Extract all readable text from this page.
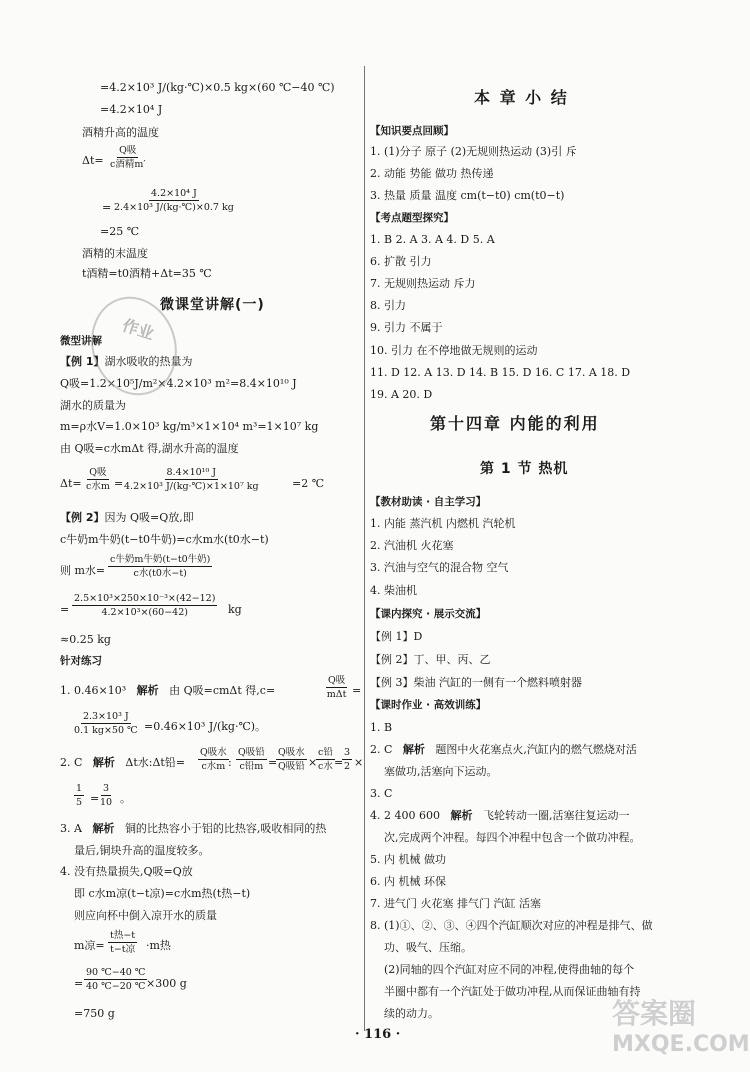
=4.2×10³ J/(kg·℃)×0.5 kg×(60 ℃−40 ℃)
=4.2×10⁴ J
酒精升高的温度
Δt=
Q吸
c酒精m′
= $\frac{\text{4.2×10⁴ J}}{\text{2.4×10³ J/(kg·℃)×0.7 kg}}$
=25 ℃
酒精的末温度
t酒精=t0酒精+Δt=35 ℃
微课堂讲解(一)
微型讲解
【例 1】湖水吸收的热量为
Q吸=1.2×10⁵J/m²×4.2×10³ m²=8.4×10¹⁰ J
湖水的质量为
m=ρ水V=1.0×10³ kg/m³×1×10⁴ m³=1×10⁷ kg
由 Q吸=c水mΔt 得,湖水升高的温度
Δt=
Q吸
c水$m = \frac{\text{8.4×10¹⁰ J}}{\text{4.2×10³ J/(kg·℃)×1×10⁷ kg}}$	=2 ℃
【例 2】因为 Q吸=Q放,即
c牛奶m牛奶(t−t0牛奶)=c水m水(t0水−t)
则 m水=
c牛奶m牛奶(t−t0牛奶)
c水(t0水−t)
= $\frac{\text{2.5×10³×250×10⁻³×(42−12)}}{\text{4.2×10³×(60−42)}}$ kg
≈0.25 kg
针对练习
1. 0.46×10³ 解析 由 Q吸=cmΔt 得,c=
Q吸
mΔt =
$\frac{\text{2.3×10³ J}}{0.1 kg\times 50 ℃} =0.46\times 10^3$ J/(kg·℃)。
2. C 解析 Δt水:Δt铅=
Q吸水
c水m :
Q吸铅
c铅m =
Q吸水
Q吸铅 ×
c铅
c水 =
$\frac{3}{2}$ ×
$\frac{1}{5} = \frac{3}{10}$ 。
3. A 解析 铜的比热容小于铝的比热容,吸收相同的热
量后,铜块升高的温度较多。
4. 没有热量损失,Q吸=Q放
即 c水m凉(t−t凉)=c水m热(t热−t)
则应向杯中倒入凉开水的质量
m凉=
t热−t
t−t凉 ·m热
= $\frac{90 ℃-40 ℃}{40 ℃-20 ℃}$
×300 g
=750 g
本 章 小 结
【知识要点回顾】
1. (1)分子 原子 (2)无规则热运动 (3)引 斥
2. 动能 势能 做功 热传递
3. 热量 质量 温度 cm(t−t0) cm(t0−t)
【考点题型探究】
1. B 2. A 3. A 4. D 5. A
6. 扩散 引力
7. 无规则热运动 斥力
8. 引力
9. 引力 不属于
10. 引力 在不停地做无规则的运动
11. D 12. A 13. D 14. B 15. D 16. C 17. A 18. D
19. A 20. D
第十四章 内能的利用
第 1 节 热机
【教材助读 · 自主学习】
1. 内能 蒸汽机 内燃机 汽轮机
2. 汽油机 火花塞
3. 汽油与空气的混合物 空气
4. 柴油机
【课内探究 · 展示交流】
【例 1】D
【例 2】丁、甲、丙、乙
【例 3】柴油 汽缸的一侧有一个燃料喷射器
【课时作业 · 高效训练】
1. B
2. C 解析 题图中火花塞点火,汽缸内的燃气燃烧对活
塞做功,活塞向下运动。
3. C
4. 2 400 600 解析 飞轮转动一圈,活塞往复运动一
次,完成两个冲程。每四个冲程中包含一个做功冲程。
5. 内 机械 做功
6. 内 机械 环保
7. 进气门 火花塞 排气门 汽缸 活塞
8. (1)①、②、③、④四个汽缸顺次对应的冲程是排气、做
功、吸气、压缩。
(2)同轴的四个汽缸对应不同的冲程,使得曲轴的每个
半圈中都有一个汽缸处于做功冲程,从而保证曲轴有持
续的动力。
作业
· 116 ·
答案圈
MXQE.COM
